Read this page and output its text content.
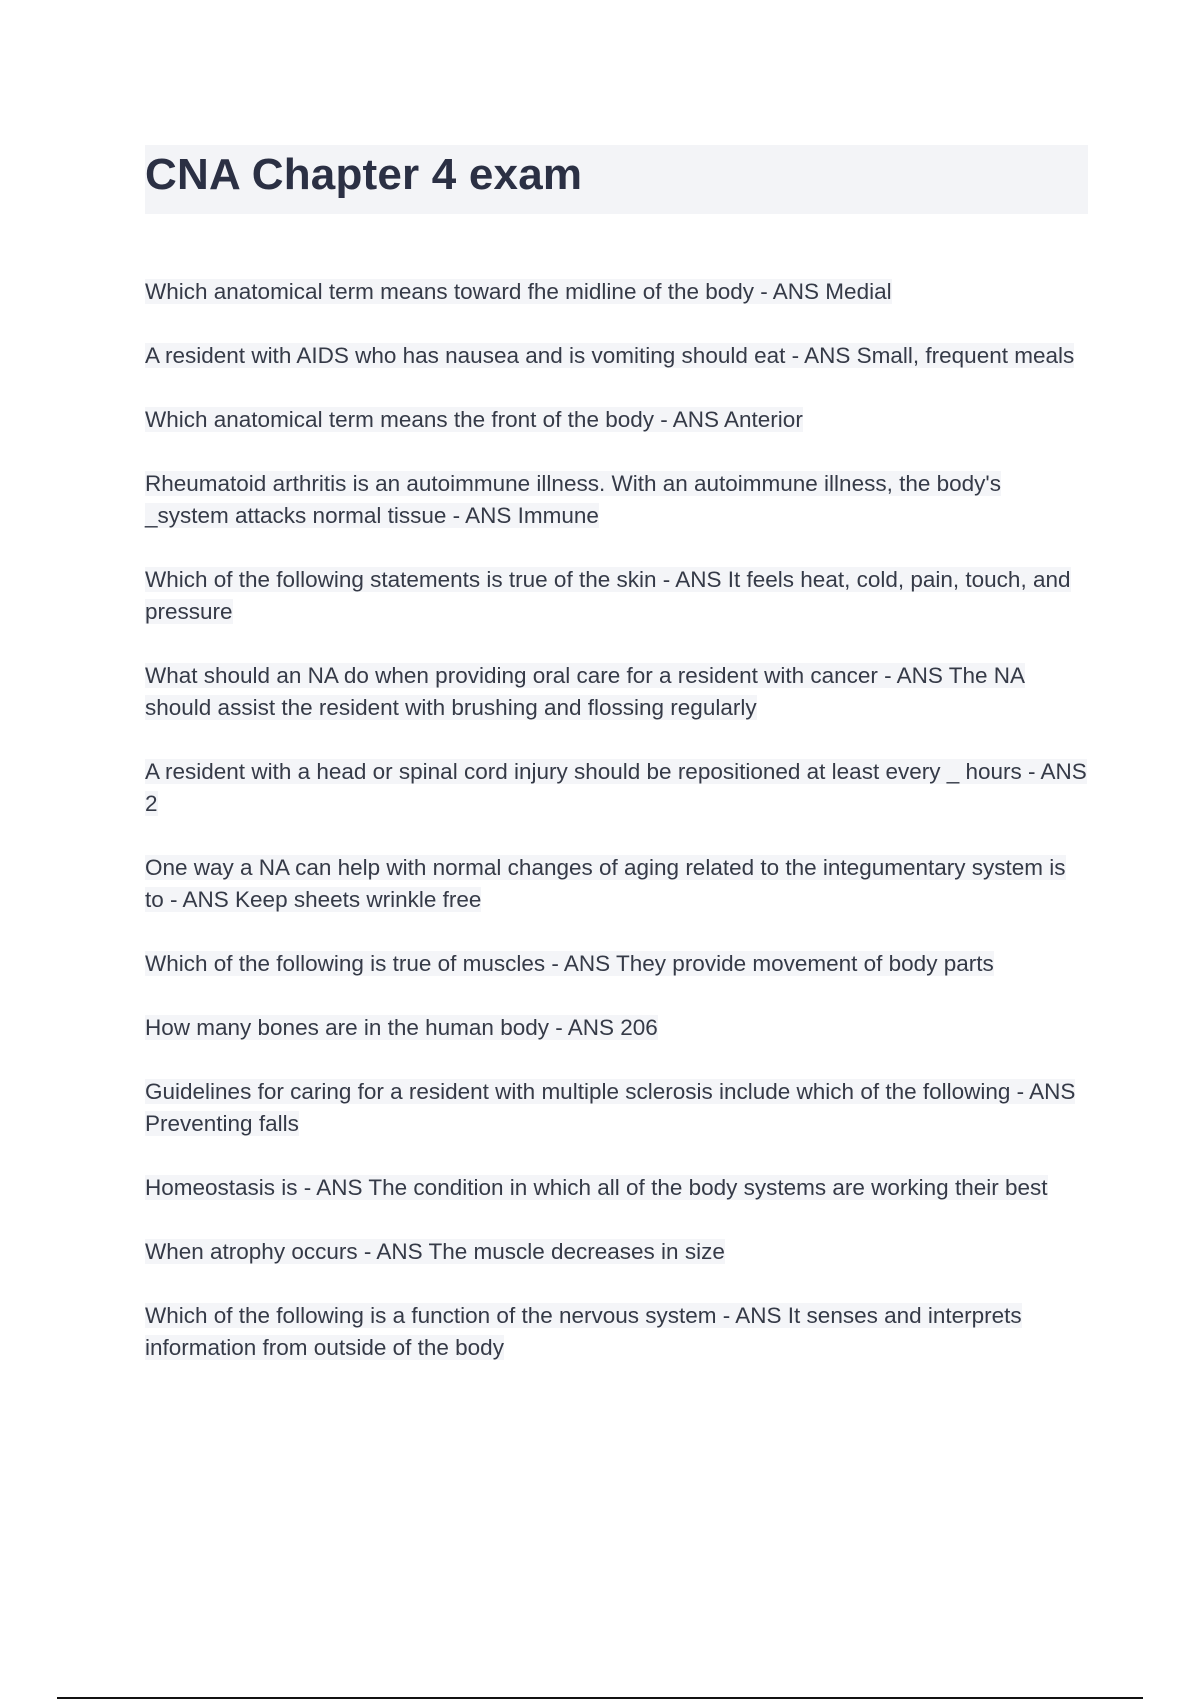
CNA Chapter 4 exam
Which anatomical term means toward fhe midline of the body - ANS Medial
A resident with AIDS who has nausea and is vomiting should eat - ANS Small, frequent meals
Which anatomical term means the front of the body - ANS Anterior
Rheumatoid arthritis is an autoimmune illness. With an autoimmune illness, the body's _system attacks normal tissue - ANS Immune
Which of the following statements is true of the skin - ANS It feels heat, cold, pain, touch, and pressure
What should an NA do when providing oral care for a resident with cancer - ANS The NA should assist the resident with brushing and flossing regularly
A resident with a head or spinal cord injury should be repositioned at least every _ hours - ANS 2
One way a NA can help with normal changes of aging related to the integumentary system is to - ANS Keep sheets wrinkle free
Which of the following is true of muscles - ANS They provide movement of body parts
How many bones are in the human body - ANS 206
Guidelines for caring for a resident with multiple sclerosis include which of the following - ANS Preventing falls
Homeostasis is - ANS The condition in which all of the body systems are working their best
When atrophy occurs - ANS The muscle decreases in size
Which of the following is a function of the nervous system - ANS It senses and interprets information from outside of the body
